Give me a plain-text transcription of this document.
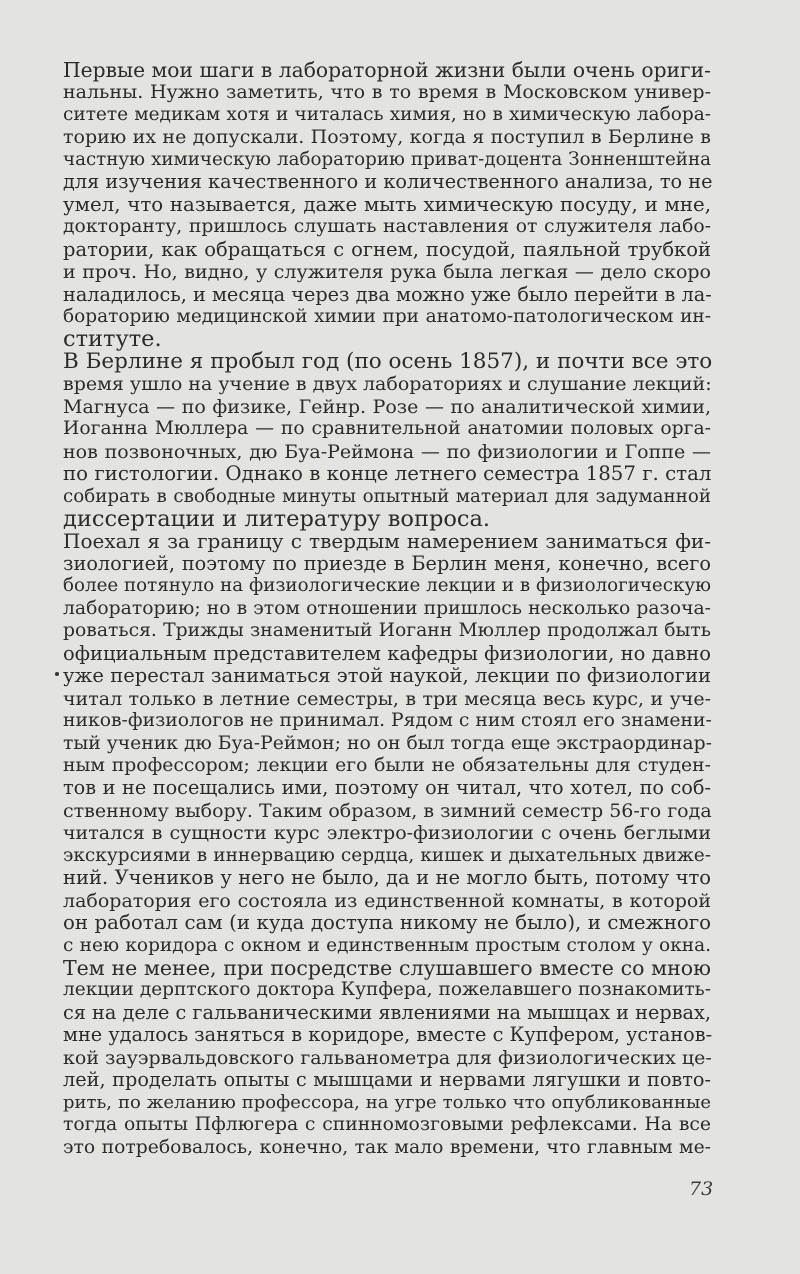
Первые мои шаги в лабораторной жизни были очень ориги-
нальны. Нужно заметить, что в то время в Московском универ-
ситете медикам хотя и читалась химия, но в химическую лабора-
торию их не допускали. Поэтому, когда я поступил в Берлине в
частную химическую лабораторию приват-доцента Зонненштейна
для изучения качественного и количественного анализа, то не
умел, что называется, даже мыть химическую посуду, и мне,
докторанту, пришлось слушать наставления от служителя лабо-
ратории, как обращаться с огнем, посудой, паяльной трубкой
и проч. Но, видно, у служителя рука была легкая — дело скоро
наладилось, и месяца через два можно уже было перейти в ла-
бораторию медицинской химии при анатомо-патологическом ин-
ституте.
В Берлине я пробыл год (по осень 1857), и почти все это
время ушло на учение в двух лабораториях и слушание лекций:
Магнуса — по физике, Гейнр. Розе — по аналитической химии,
Иоганна Мюллера — по сравнительной анатомии половых орга-
нов позвоночных, дю Буа-Реймона — по физиологии и Гоппе —
по гистологии. Однако в конце летнего семестра 1857 г. стал
собирать в свободные минуты опытный материал для задуманной
диссертации и литературу вопроса.
Поехал я за границу с твердым намерением заниматься фи-
зиологией, поэтому по приезде в Берлин меня, конечно, всего
более потянуло на физиологические лекции и в физиологическую
лабораторию; но в этом отношении пришлось несколько разоча-
роваться. Трижды знаменитый Иоганн Мюллер продолжал быть
официальным представителем кафедры физиологии, но давно
уже перестал заниматься этой наукой, лекции по физиологии
читал только в летние семестры, в три месяца весь курс, и уче-
ников-физиологов не принимал. Рядом с ним стоял его знамени-
тый ученик дю Буа-Реймон; но он был тогда еще экстраординар-
ным профессором; лекции его были не обязательны для студен-
тов и не посещались ими, поэтому он читал, что хотел, по соб-
ственному выбору. Таким образом, в зимний семестр 56-го года
читался в сущности курс электро-физиологии с очень беглыми
экскурсиями в иннервацию сердца, кишек и дыхательных движе-
ний. Учеников у него не было, да и не могло быть, потому что
лаборатория его состояла из единственной комнаты, в которой
он работал сам (и куда доступа никому не было), и смежного
с нею коридора с окном и единственным простым столом у окна.
Тем не менее, при посредстве слушавшего вместе со мною
лекции дерптского доктора Купфера, пожелавшего познакомить-
ся на деле с гальваническими явлениями на мышцах и нервах,
мне удалось заняться в коридоре, вместе с Купфером, установ-
кой зауэрвальдовского гальванометра для физиологических це-
лей, проделать опыты с мышцами и нервами лягушки и повто-
рить, по желанию профессора, на угре только что опубликованные
тогда опыты Пфлюгера с спинномозговыми рефлексами. На все
это потребовалось, конечно, так мало времени, что главным ме-
73
